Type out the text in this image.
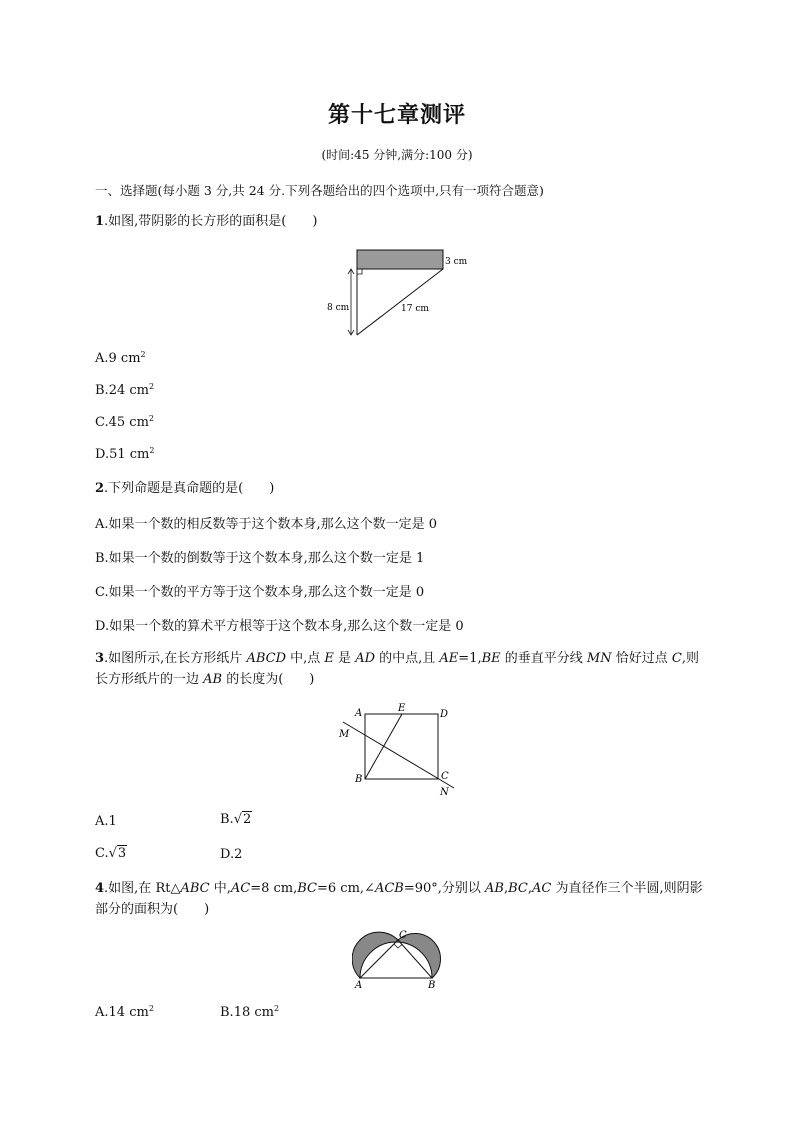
第十七章测评
(时间:45 分钟,满分:100 分)
一、选择题(每小题 3 分,共 24 分.下列各题给出的四个选项中,只有一项符合题意)
1.如图,带阴影的长方形的面积是(　　)
3 cm
8 cm	17 cm
A.9 $cm^2$
B.24 $cm^2$
C.45 $cm^2$
D.51 $cm^2$
2.下列命题是真命题的是(　　)
A.如果一个数的相反数等于这个数本身,那么这个数一定是 0
B.如果一个数的倒数等于这个数本身,那么这个数一定是 1
C.如果一个数的平方等于这个数本身,那么这个数一定是 0
D.如果一个数的算术平方根等于这个数本身,那么这个数一定是 0
3.如图所示,在长方形纸片 ABCD 中,点 E 是 AD 的中点,且 AE=1,BE 的垂直平分线 MN 恰好过点 C,则
长方形纸片的一边 AB 的长度为(　　)
A
B	C
D
E
M
N
A.1	B.√2
C.√3	D.2
4.如图,在 Rt△ABC 中,AC=8 cm,BC=6 cm,∠ACB=90°,分别以 AB,BC,AC 为直径作三个半圆,则阴影
部分的面积为(　　)
A	B
C
A.14 $cm^2$	B.18 $cm^2$
